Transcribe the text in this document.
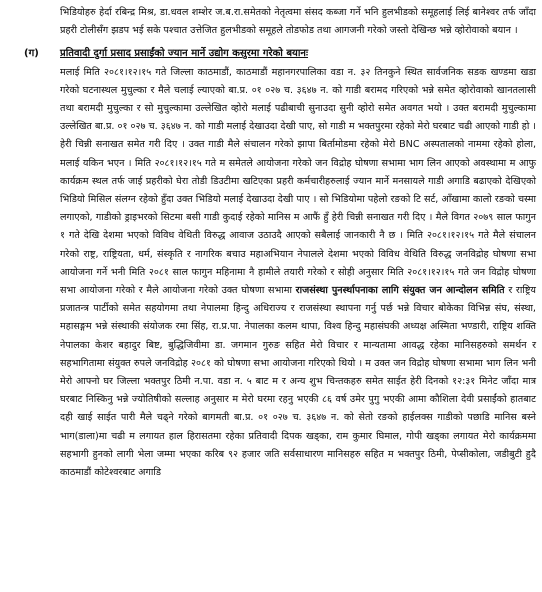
भिडियोहरु हेर्दा रबिन्द्र मिश्र, डा.धवल शम्शेर ज.ब.रा.समेतको नेतृत्वमा संसद कब्जा गर्ने भनि हुलभीडको समूहलाई लिई बानेश्वर तर्फ जाँदा प्रहरी टोलीसँग झडप भई सके पश्चात उत्तेजित हुलभीडको समूहले तोडफोड तथा आगजनी गरेको जस्तो देखिन्छ भन्ने व्होरोवाको बयान ।

(ग)	प्रतिवादी दुर्गा प्रसाद प्रसाईंको ज्यान मार्ने उद्योग कसुरमा गरेको बयानः

मलाई मिति २०८१।१२।१५ गते जिल्ला काठमाडौं, काठमाडौं महानगरपालिका वडा न. ३२ तिनकुने स्थित सार्वजनिक सडक खण्डमा खडा गरेको घटनास्थल मुचुल्का र मैले चलाई ल्याएको बा.प्र. ०१ ०२७ च. ३६४७ न. को गाडी बरामद गरिएको भन्ने समेत व्होरोवाको खानतलासी तथा बरामदी मुचुल्का र सो मुचुल्कामा उल्लेखित व्होरो मलाई पढीबाची सुनाउदा सुनी व्होरो समेत अवगत भयो । उक्त बरामदी मुचुल्कामा उल्लेखित बा.प्र. ०१ ०२७ च. ३६४७ न. को गाडी मलाई देखाउदा देखी पाए, सो गाडी म भक्तपुरमा रहेको मेरो घरबाट चढी आएको गाडी हो । हेरी चिन्नी सनाखत समेत गरी दिए । उक्त गाडी मैले संचालन गरेको झापा बिर्तामोडमा रहेको मेरो BNC अस्पतालको नाममा रहेको होला, मलाई यकिन भएन । मिति २०८१।१२।१५ गते म समेतले आयोजना गरेको जन विद्रोह घोषणा सभामा भाग लिन आएको अवस्थामा म आफु कार्यक्रम स्थल तर्फ जाई प्रहरीको घेरा तोडी डिउटीमा खटिएका प्रहरी कर्मचारीहरुलाई ज्यान मार्ने मनसायले गाडी अगाडि बढाएको देखिएको भिडियो मिसिल संलग्न रहेको हुँदा उक्त भिडियो मलाई देखाउदा देखी पाए । सो भिडियोमा पहेलो रङको टि सर्ट, आँखामा कालो रङको चस्मा लगाएको, गाडीको ड्राइभरको सिटमा बसी गाडी कुदाई रहेको मानिस म आफैं हुँ हेरी चिन्नी सनाखत गरी दिए । मैले विगत २०७९ साल फागुन १ गते देखि देशमा भएको विविध वेथिती विरुद्ध आवाज उठाउदै आएको सबैलाई जानकारी नै छ । मिति २०८१।१२।१५ गते मैले संचालन गरेको राष्ट्र, राष्ट्रियता, धर्म, संस्कृति र नागरिक बचाउ महाअभियान नेपालले देशमा भएको विविध वेथिति विरुद्ध जनविद्रोह घोषणा सभा आयोजना गर्ने भनी मिति २०८१ साल फागुन महिनामा नै हामीले तयारी गरेको र सोही अनुसार मिति २०८१।१२।१५ गते जन विद्रोह घोषणा सभा आयोजना गरेको र मैले आयोजना गरेको उक्त घोषणा सभामा राजसंस्था पुनर्स्थापनाका लागि संयुक्त जन आन्दोलन समिति र राष्ट्रिय प्रजातन्त्र पार्टीको समेत सहयोगमा तथा नेपालमा हिन्दु अधिराज्य र राजसंस्था स्थापना गर्नु पर्छ भन्ने विचार बोकेका विभिन्न संघ, संस्था, महासङ्गम भन्ने संस्थाकी संयोजक रमा सिंह, रा.प्र.पा. नेपालका कलम थापा, विश्व हिन्दु महासंघकी अध्यक्ष अस्मिता भण्डारी, राष्ट्रिय शक्ति नेपालका केशर बहादुर बिष्ट, बुद्धिजिवीमा डा. जगमान गुरुङ सहित मेरो विचार र मान्यतामा आवद्ध रहेका मानिसहरुको समर्थन र सहभागितामा संयुक्त रुपले जनविद्रोह २०८१ को घोषणा सभा आयोजना गरिएको थियो । म उक्त जन विद्रोह घोषणा सभामा भाग लिन भनी मेरो आफ्नो घर जिल्ला भक्तपुर ठिमी न.पा. वडा न. ५ बाट म र अन्य शुभ चिन्तकहरु समेत साईत हेरी दिनको १२:३१ मिनेट जाँदा मात्र घरबाट निस्किनु भन्ने ज्योतिषीको सल्लाह अनुसार म मेरो घरमा रहनु भएकी ८६ वर्ष उमेर पुगु भएकी आमा कौशिला देवी प्रसाईंको हातबाट दही खाई साईत पारी मैले चढ्ने गरेको बागमती बा.प्र. ०१ ०२७ च. ३६४७ न. को सेतो रङको हाईलक्स गाडीको पछाडि मानिस बस्ने भाग(डाला)मा चढी म लगायत हाल हिरासतमा रहेका प्रतिवादी दिपक खड्का, राम कुमार घिमाल, गोपी खड्का लगायत मेरो कार्यक्रममा सहभागी हुनको लागी भेला जम्मा भएका करिब ९२ हजार जति सर्वसाधारण मानिसहरु सहित म भक्तपुर ठिमी, पेप्सीकोला, जडीबुटी हुदै काठमाडौं कोटेश्वरबाट अगाडि
